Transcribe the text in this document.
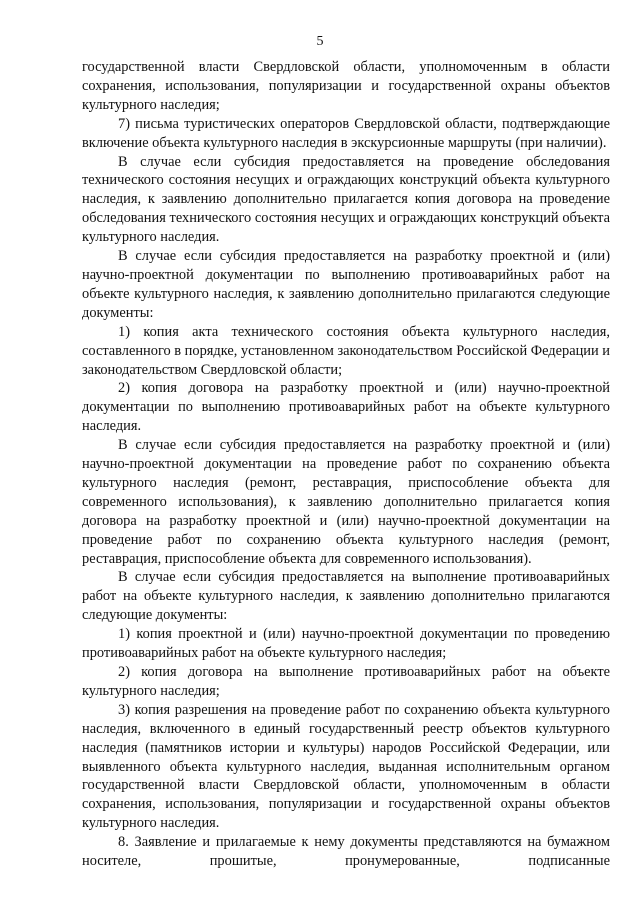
5

государственной власти Свердловской области, уполномоченным в области сохранения, использования, популяризации и государственной охраны объектов культурного наследия;

7) письма туристических операторов Свердловской области, подтверждающие включение объекта культурного наследия в экскурсионные маршруты (при наличии).

В случае если субсидия предоставляется на проведение обследования технического состояния несущих и ограждающих конструкций объекта культурного наследия, к заявлению дополнительно прилагается копия договора на проведение обследования технического состояния несущих и ограждающих конструкций объекта культурного наследия.

В случае если субсидия предоставляется на разработку проектной и (или) научно-проектной документации по выполнению противоаварийных работ на объекте культурного наследия, к заявлению дополнительно прилагаются следующие документы:

1) копия акта технического состояния объекта культурного наследия, составленного в порядке, установленном законодательством Российской Федерации и законодательством Свердловской области;

2) копия договора на разработку проектной и (или) научно-проектной документации по выполнению противоаварийных работ на объекте культурного наследия.

В случае если субсидия предоставляется на разработку проектной и (или) научно-проектной документации на проведение работ по сохранению объекта культурного наследия (ремонт, реставрация, приспособление объекта для современного использования), к заявлению дополнительно прилагается копия договора на разработку проектной и (или) научно-проектной документации на проведение работ по сохранению объекта культурного наследия (ремонт, реставрация, приспособление объекта для современного использования).

В случае если субсидия предоставляется на выполнение противоаварийных работ на объекте культурного наследия, к заявлению дополнительно прилагаются следующие документы:

1) копия проектной и (или) научно-проектной документации по проведению противоаварийных работ на объекте культурного наследия;

2) копия договора на выполнение противоаварийных работ на объекте культурного наследия;

3) копия разрешения на проведение работ по сохранению объекта культурного наследия, включенного в единый государственный реестр объектов культурного наследия (памятников истории и культуры) народов Российской Федерации, или выявленного объекта культурного наследия, выданная исполнительным органом государственной власти Свердловской области, уполномоченным в области сохранения, использования, популяризации и государственной охраны объектов культурного наследия.

8. Заявление и прилагаемые к нему документы представляются на бумажном носителе, прошитые, пронумерованные, подписанные
